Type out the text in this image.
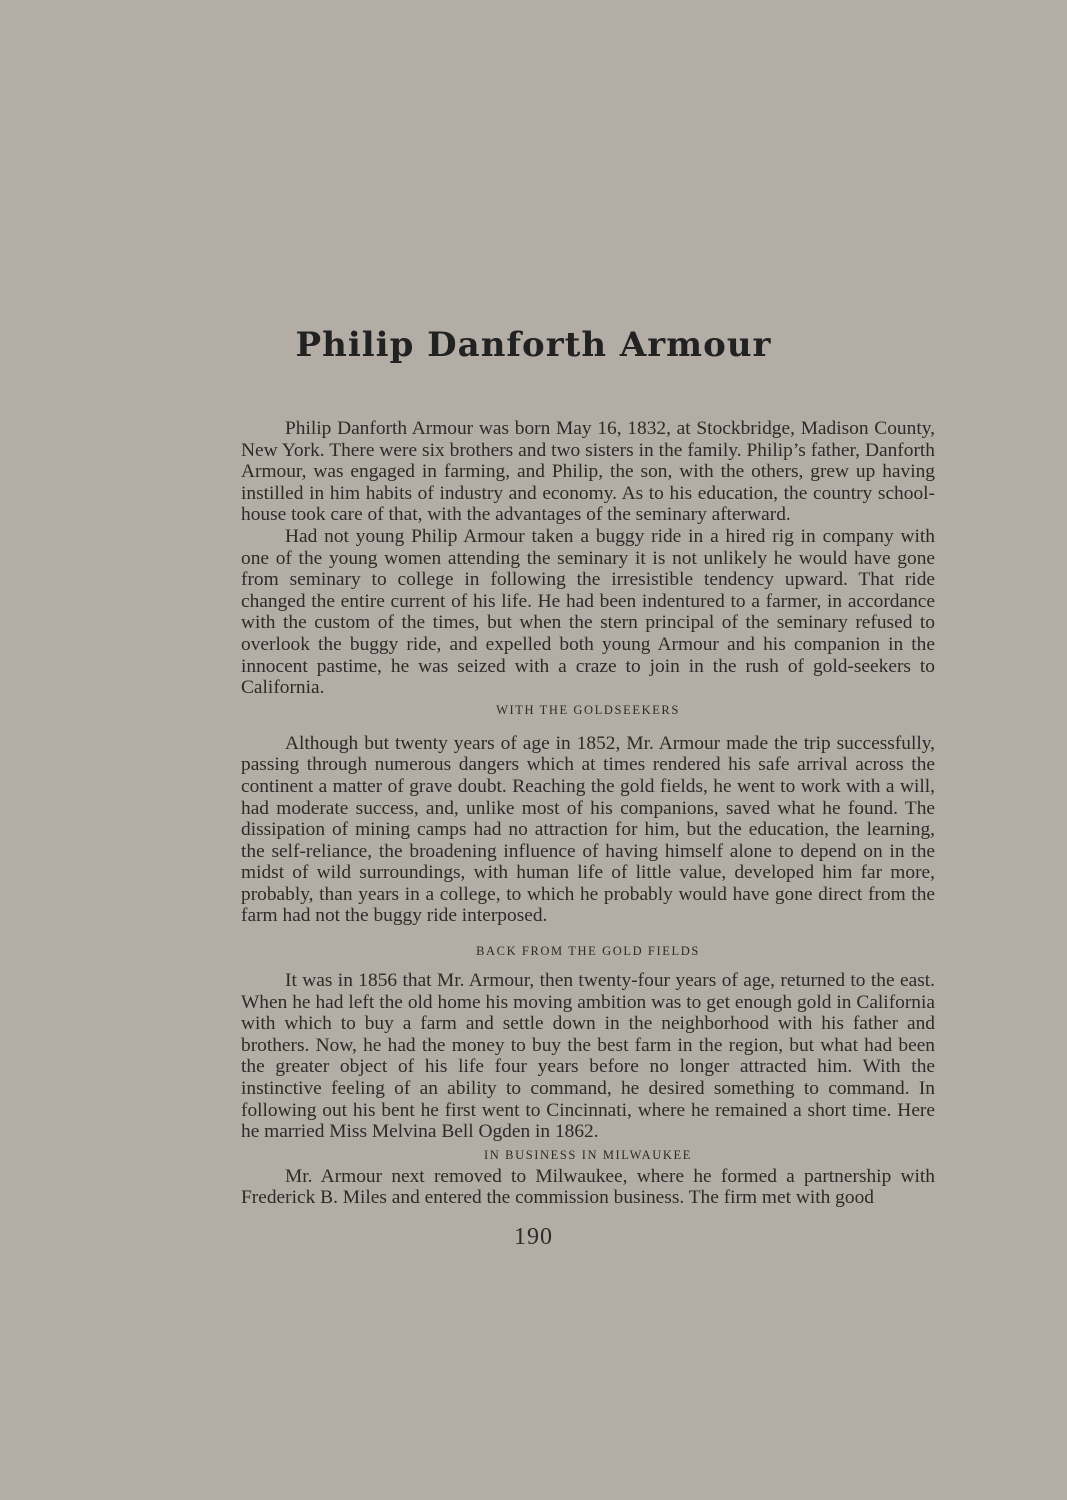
Philip Danforth Armour

Philip Danforth Armour was born May 16, 1832, at Stockbridge, Madison County, New York. There were six brothers and two sisters in the family. Philip’s father, Danforth Armour, was engaged in farming, and Philip, the son, with the others, grew up having instilled in him habits of industry and economy. As to his education, the country school-house took care of that, with the advantages of the seminary afterward.

Had not young Philip Armour taken a buggy ride in a hired rig in company with one of the young women attending the seminary it is not unlikely he would have gone from seminary to college in following the irresistible tendency upward. That ride changed the entire current of his life. He had been indentured to a farmer, in accordance with the custom of the times, but when the stern principal of the seminary refused to overlook the buggy ride, and expelled both young Armour and his companion in the innocent pastime, he was seized with a craze to join in the rush of gold-seekers to California.

WITH THE GOLDSEEKERS

Although but twenty years of age in 1852, Mr. Armour made the trip successfully, passing through numerous dangers which at times rendered his safe arrival across the continent a matter of grave doubt. Reaching the gold fields, he went to work with a will, had moderate success, and, unlike most of his companions, saved what he found. The dissipation of mining camps had no attraction for him, but the education, the learning, the self-reliance, the broadening influence of having himself alone to depend on in the midst of wild surroundings, with human life of little value, developed him far more, probably, than years in a college, to which he probably would have gone direct from the farm had not the buggy ride interposed.

BACK FROM THE GOLD FIELDS

It was in 1856 that Mr. Armour, then twenty-four years of age, returned to the east. When he had left the old home his moving ambition was to get enough gold in California with which to buy a farm and settle down in the neighborhood with his father and brothers. Now, he had the money to buy the best farm in the region, but what had been the greater object of his life four years before no longer attracted him. With the instinctive feeling of an ability to command, he desired something to command. In following out his bent he first went to Cincinnati, where he remained a short time. Here he married Miss Melvina Bell Ogden in 1862.

IN BUSINESS IN MILWAUKEE

Mr. Armour next removed to Milwaukee, where he formed a partnership with Frederick B. Miles and entered the commission business. The firm met with good

190
